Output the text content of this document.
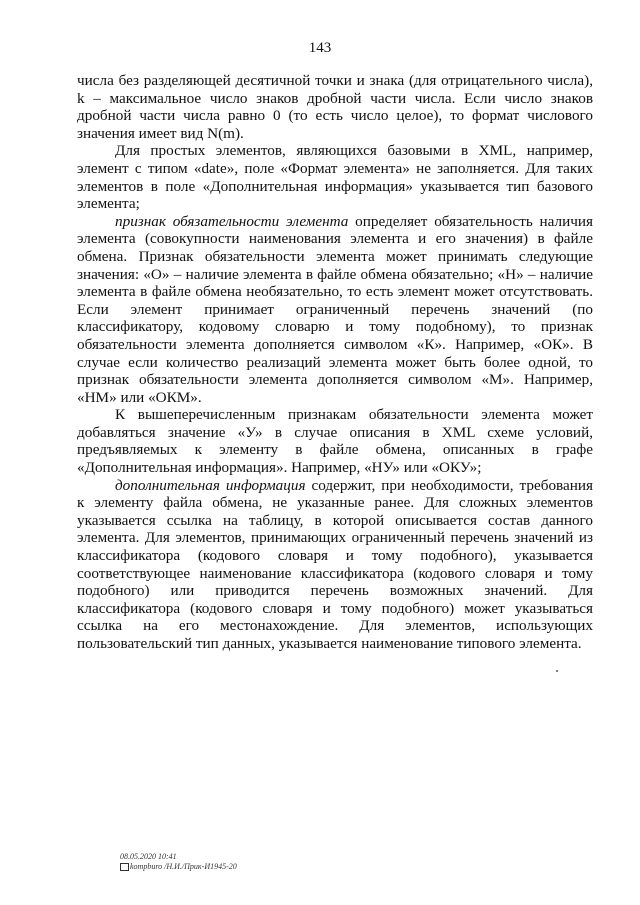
143

числа без разделяющей десятичной точки и знака (для отрицательного числа), k – максимальное число знаков дробной части числа. Если число знаков дробной части числа равно 0 (то есть число целое), то формат числового значения имеет вид N(m).

Для простых элементов, являющихся базовыми в XML, например, элемент с типом «date», поле «Формат элемента» не заполняется. Для таких элементов в поле «Дополнительная информация» указывается тип базового элемента;

признак обязательности элемента определяет обязательность наличия элемента (совокупности наименования элемента и его значения) в файле обмена. Признак обязательности элемента может принимать следующие значения: «О» – наличие элемента в файле обмена обязательно; «Н» – наличие элемента в файле обмена необязательно, то есть элемент может отсутствовать. Если элемент принимает ограниченный перечень значений (по классификатору, кодовому словарю и тому подобному), то признак обязательности элемента дополняется символом «К». Например, «ОК». В случае если количество реализаций элемента может быть более одной, то признак обязательности элемента дополняется символом «М». Например, «НМ» или «ОКМ».

К вышеперечисленным признакам обязательности элемента может добавляться значение «У» в случае описания в XML схеме условий, предъявляемых к элементу в файле обмена, описанных в графе «Дополнительная информация». Например, «НУ» или «ОКУ»;

дополнительная информация содержит, при необходимости, требования к элементу файла обмена, не указанные ранее. Для сложных элементов указывается ссылка на таблицу, в которой описывается состав данного элемента. Для элементов, принимающих ограниченный перечень значений из классификатора (кодового словаря и тому подобного), указывается соответствующее наименование классификатора (кодового словаря и тому подобного) или приводится перечень возможных значений. Для классификатора (кодового словаря и тому подобного) может указываться ссылка на его местонахождение. Для элементов, использующих пользовательский тип данных, указывается наименование типового элемента.

08.05.2020 10:41
kompburo /Н.И./Прик-И1945-20
